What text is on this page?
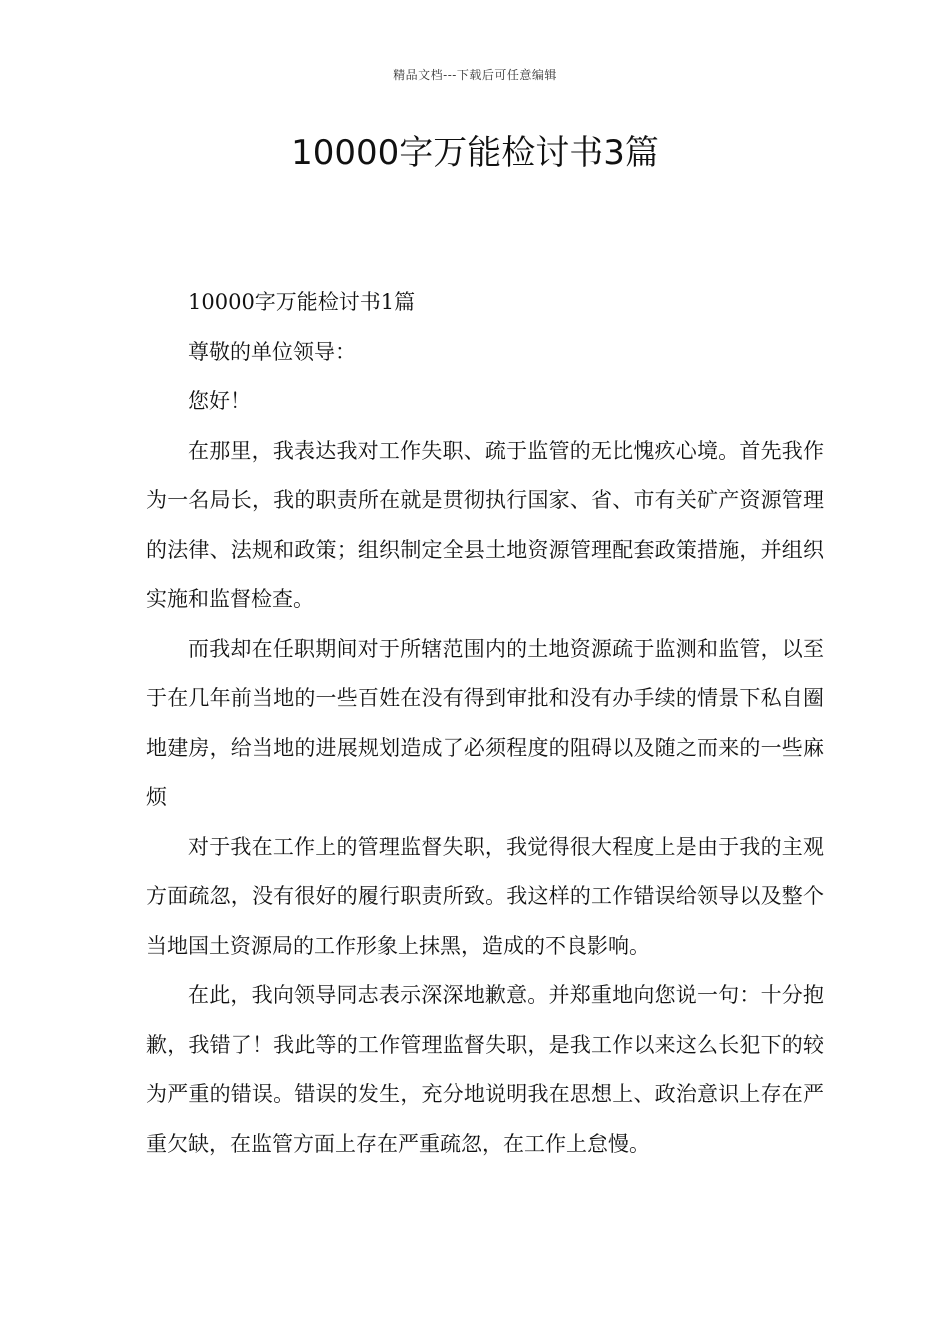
精品文档---下载后可任意编辑
10000字万能检讨书3篇

10000字万能检讨书1篇

尊敬的单位领导：

您好！

在那里，我表达我对工作失职、疏于监管的无比愧疚心境。首先我作为一名局长，我的职责所在就是贯彻执行国家、省、市有关矿产资源管理的法律、法规和政策；组织制定全县土地资源管理配套政策措施，并组织实施和监督检查。

而我却在任职期间对于所辖范围内的土地资源疏于监测和监管，以至于在几年前当地的一些百姓在没有得到审批和没有办手续的情景下私自圈地建房，给当地的进展规划造成了必须程度的阻碍以及随之而来的一些麻烦

对于我在工作上的管理监督失职，我觉得很大程度上是由于我的主观方面疏忽，没有很好的履行职责所致。我这样的工作错误给领导以及整个当地国土资源局的工作形象上抹黑，造成的不良影响。

在此，我向领导同志表示深深地歉意。并郑重地向您说一句：十分抱歉，我错了！我此等的工作管理监督失职，是我工作以来这么长犯下的较为严重的错误。错误的发生，充分地说明我在思想上、政治意识上存在严重欠缺，在监管方面上存在严重疏忽，在工作上怠慢。
